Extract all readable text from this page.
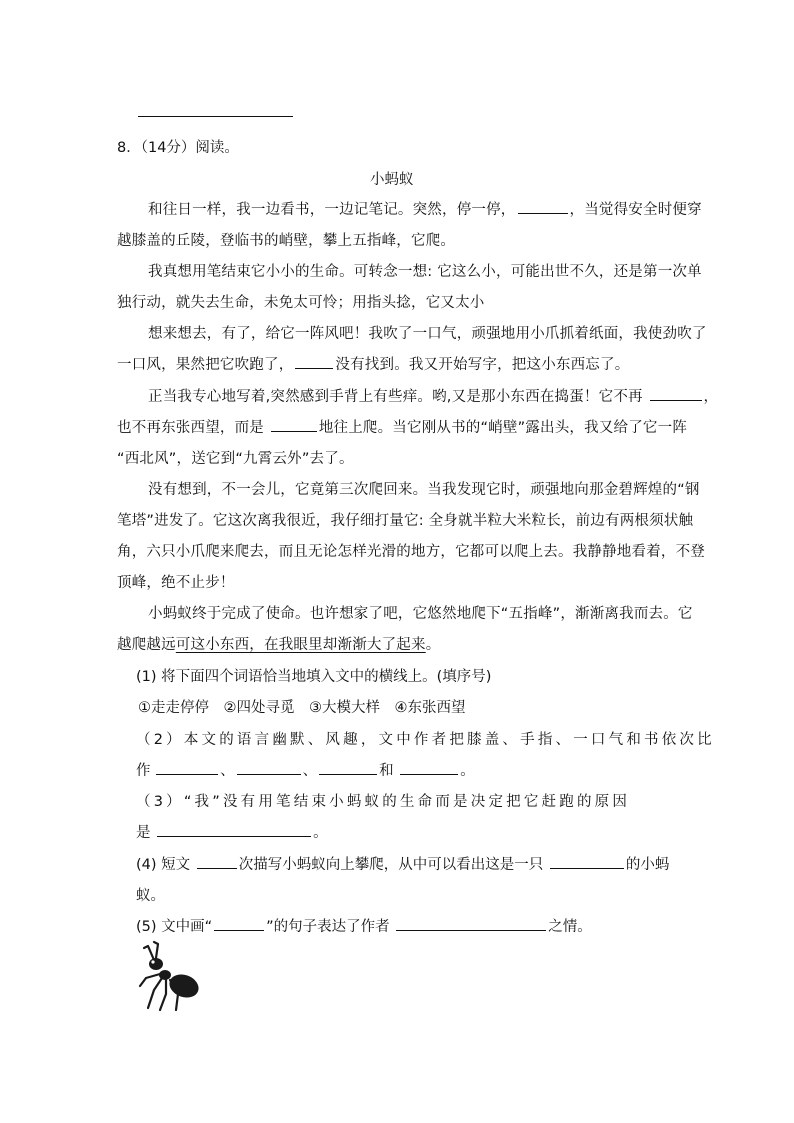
8．（14分）阅读。
小蚂蚁
和往日一样，我一边看书，一边记笔记。突然，停一停，	，当觉得安全时便穿
越膝盖的丘陵，登临书的峭壁，攀上五指峰，它爬。
我真想用笔结束它小小的生命。可转念一想: 它这么小，可能出世不久，还是第一次单
独行动，就失去生命，未免太可怜；用指头捻，它又太小
想来想去，有了，给它一阵风吧！我吹了一口气，顽强地用小爪抓着纸面，我使劲吹了
一口风，果然把它吹跑了，	没有找到。我又开始写字，把这小东西忘了。
正当我专心地写着,突然感到手背上有些痒。哟,又是那小东西在捣蛋！它不再	，
也不再东张西望，而是	地往上爬。当它刚从书的“峭壁”露出头，我又给了它一阵
“西北风”，送它到“九霄云外”去了。
没有想到，不一会儿，它竟第三次爬回来。当我发现它时，顽强地向那金碧辉煌的“钢
笔塔”进发了。它这次离我很近，我仔细打量它: 全身就半粒大米粒长，前边有两根须状触
角，六只小爪爬来爬去，而且无论怎样光滑的地方，它都可以爬上去。我静静地看着，不登
顶峰，绝不止步！
小蚂蚁终于完成了使命。也许想家了吧，它悠然地爬下“五指峰”，渐渐离我而去。它
越爬越远可这小东西，在我眼里却渐渐大了起来。
(1) 将下面四个词语恰当地填入文中的横线上。(填序号)
①走走停停　②四处寻觅　③大模大样　④东张西望
（2）本文的语言幽默、风趣，文中作者把膝盖、手指、一口气和书依次比
作	、	、	和	。
（3）“我”没有用笔结束小蚂蚁的生命而是决定把它赶跑的原因
是	。
(4) 短文	次描写小蚂蚁向上攀爬，从中可以看出这是一只	的小蚂
蚁。
(5) 文中画“	”的句子表达了作者	之情。
